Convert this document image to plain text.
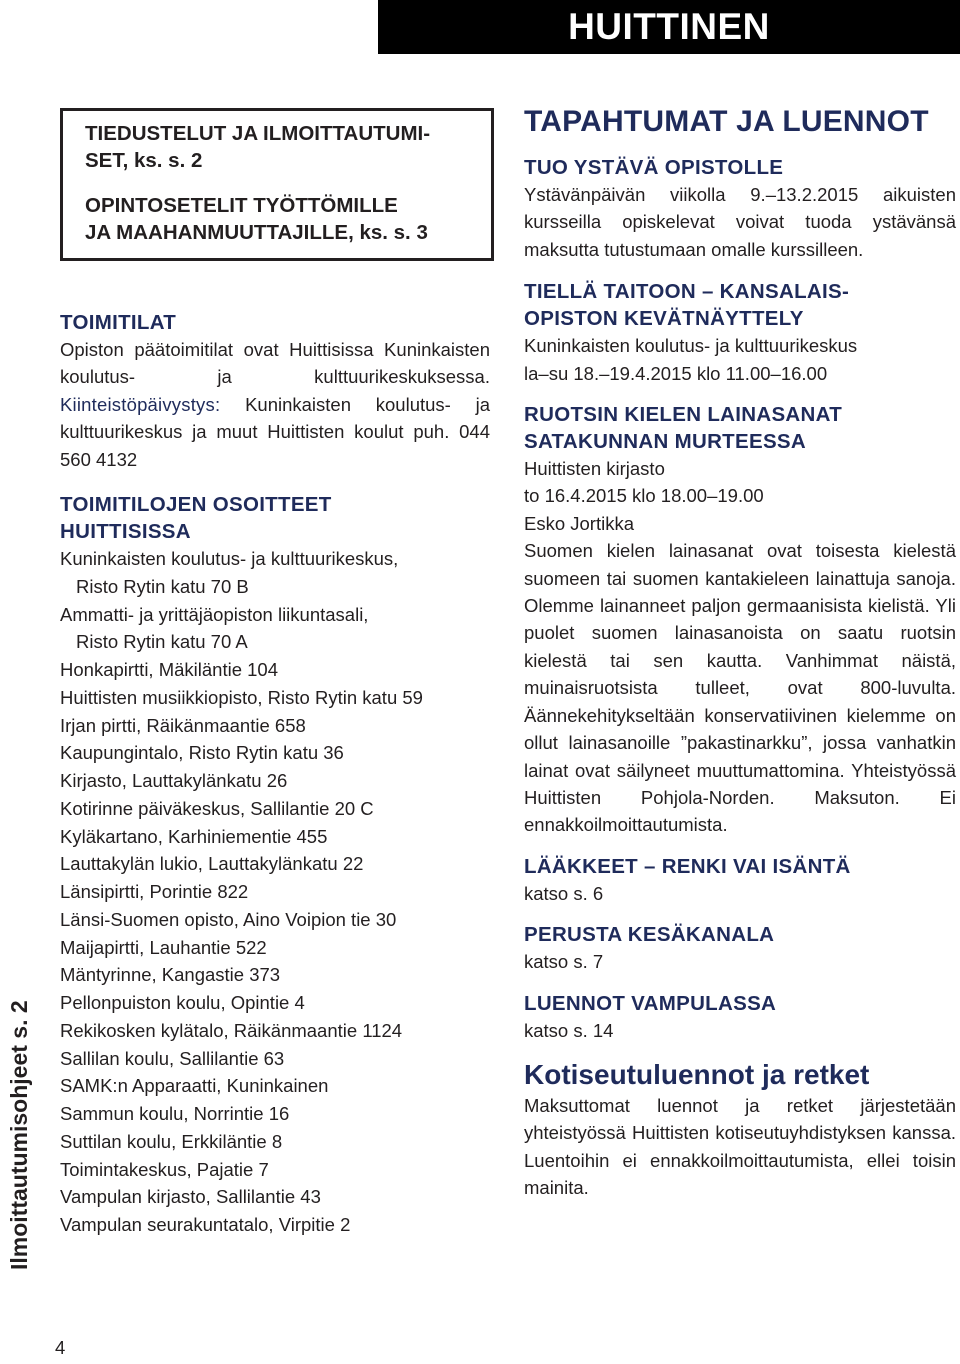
HUITTINEN
Ilmoittautumisohjeet s. 2

TIEDUSTELUT JA ILMOITTAUTUMI-

SET, ks. s. 2

OPINTOSETELIT TYÖTTÖMILLE

JA MAAHANMUUTTAJILLE, ks. s. 3

TOIMITILAT

Opiston päätoimitilat ovat Huittisissa Kuninkaisten koulutus- ja kulttuurikeskuksessa. Kiinteistöpäivystys: Kuninkaisten koulutus- ja kulttuurikeskus ja muut Huittisten koulut puh. 044 560 4132

TOIMITILOJEN OSOITTEET
HUITTISISSA
Kuninkaisten koulutus- ja kulttuurikeskus,
Risto Rytin katu 70 B
Ammatti- ja yrittäjäopiston liikuntasali,
Risto Rytin katu 70 A
Honkapirtti, Mäkiläntie 104
Huittisten musiikkiopisto, Risto Rytin katu 59
Irjan pirtti, Räikänmaantie 658
Kaupungintalo, Risto Rytin katu 36
Kirjasto, Lauttakylänkatu 26
Kotirinne päiväkeskus, Sallilantie 20 C
Kyläkartano, Karhiniementie 455
Lauttakylän lukio, Lauttakylänkatu 22
Länsipirtti, Porintie 822
Länsi-Suomen opisto, Aino Voipion tie 30
Maijapirtti, Lauhantie 522
Mäntyrinne, Kangastie 373
Pellonpuiston koulu, Opintie 4
Rekikosken kylätalo, Räikänmaantie 1124
Sallilan koulu, Sallilantie 63
SAMK:n Apparaatti, Kuninkainen
Sammun koulu, Norrintie 16
Suttilan koulu, Erkkiläntie 8
Toimintakeskus, Pajatie 7
Vampulan kirjasto, Sallilantie 43
Vampulan seurakuntatalo, Virpitie 2
TAPAHTUMAT JA LUENNOT
TUO YSTÄVÄ OPISTOLLE

Ystävänpäivän viikolla 9.–13.2.2015 aikuisten kursseilla opiskelevat voivat tuoda ystävänsä maksutta tutustumaan omalle kurssilleen.

TIELLÄ TAITOON – KANSALAIS-
OPISTON KEVÄTNÄYTTELY
Kuninkaisten koulutus- ja kulttuurikeskus
la–su 18.–19.4.2015 klo 11.00–16.00
RUOTSIN KIELEN LAINASANAT
SATAKUNNAN MURTEESSA
Huittisten kirjasto
to 16.4.2015 klo 18.00–19.00
Esko Jortikka

Suomen kielen lainasanat ovat toisesta kielestä suomeen tai suomen kantakieleen lainattuja sanoja. Olemme lainanneet paljon germaanisista kielistä. Yli puolet suomen lainasanoista on saatu ruotsin kielestä tai sen kautta. Vanhimmat näistä, muinaisruotsista tulleet, ovat 800-luvulta. Äännekehitykseltään konservatiivinen kielemme on ollut lainasanoille ”pakastinarkku”, jossa vanhatkin lainat ovat säilyneet muuttumattomina. Yhteistyössä Huittisten Pohjola-Norden. Maksuton. Ei ennakkoilmoittautumista.

LÄÄKKEET – RENKI VAI ISÄNTÄ
katso s. 6
PERUSTA KESÄKANALA
katso s. 7
LUENNOT VAMPULASSA
katso s. 14
Kotiseutuluennot ja retket

Maksuttomat luennot ja retket järjestetään yhteistyössä Huittisten kotiseutuyhdistyksen kanssa. Luentoihin ei ennakkoilmoittautumista, ellei toisin mainita.

4
